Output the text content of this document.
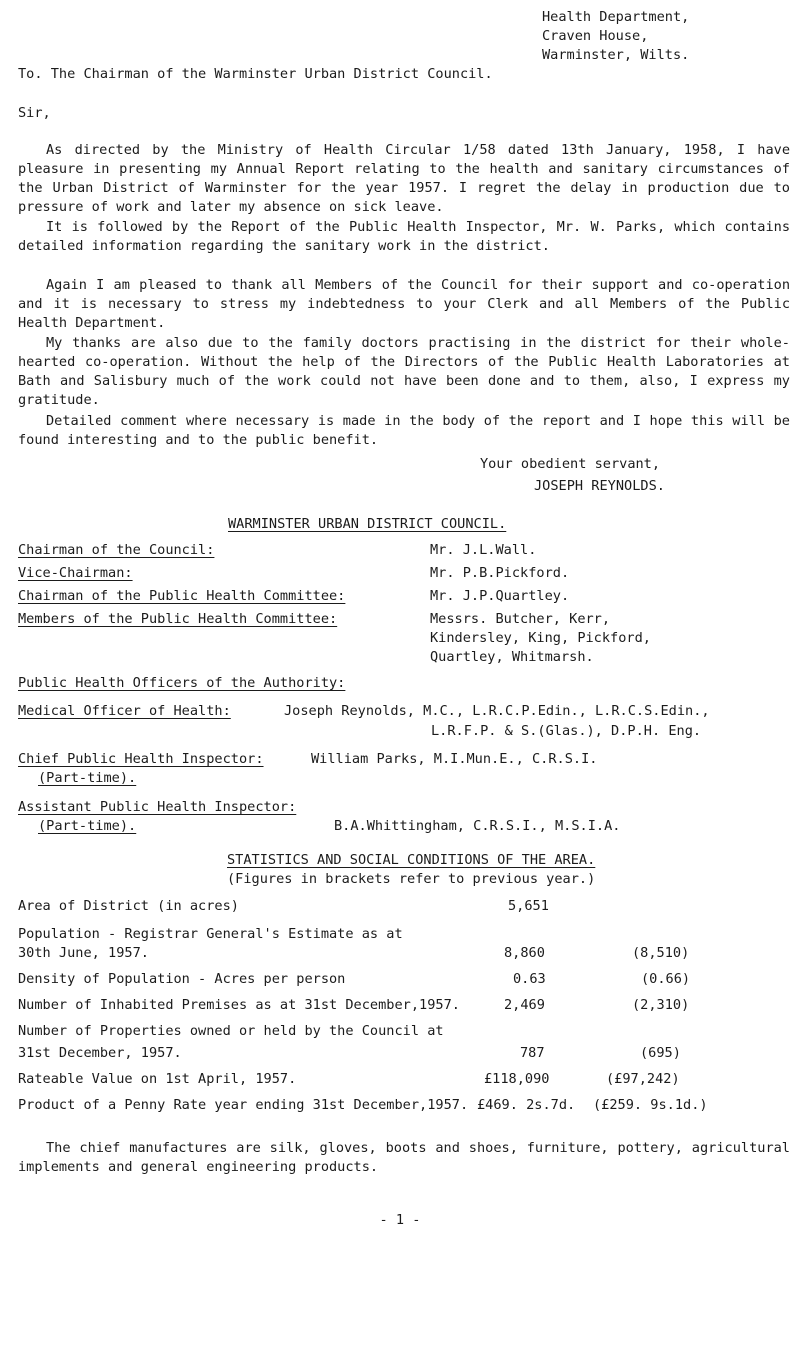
Health Department,
Craven House,
Warminster, Wilts.
To. The Chairman of the Warminster Urban District Council.
Sir,
As directed by the Ministry of Health Circular 1/58 dated 13th January, 1958, I have pleasure in presenting my Annual Report relating to the health and sanitary circumstances of the Urban District of Warminster for the year 1957. I regret the delay in production due to pressure of work and later my absence on sick leave.
It is followed by the Report of the Public Health Inspector, Mr. W. Parks, which contains detailed information regarding the sanitary work in the district.
Again I am pleased to thank all Members of the Council for their support and co-operation and it is necessary to stress my indebtedness to your Clerk and all Members of the Public Health Department.
My thanks are also due to the family doctors practising in the district for their whole-hearted co-operation. Without the help of the Directors of the Public Health Laboratories at Bath and Salisbury much of the work could not have been done and to them, also, I express my gratitude.
Detailed comment where necessary is made in the body of the report and I hope this will be found interesting and to the public benefit.
Your obedient servant,
JOSEPH REYNOLDS.
WARMINSTER URBAN DISTRICT COUNCIL.
Chairman of the Council:	Mr. J.L.Wall.
Vice-Chairman:	Mr. P.B.Pickford.
Chairman of the Public Health Committee:	Mr. J.P.Quartley.
Members of the Public Health Committee:	Messrs. Butcher, Kerr,
Kindersley, King, Pickford,
Quartley, Whitmarsh.
Public Health Officers of the Authority:
Medical Officer of Health:	Joseph Reynolds, M.C., L.R.C.P.Edin., L.R.C.S.Edin.,
L.R.F.P. & S.(Glas.), D.P.H. Eng.
Chief Public Health Inspector:	William Parks, M.I.Mun.E., C.R.S.I.
(Part-time).
Assistant Public Health Inspector:
(Part-time).	B.A.Whittingham, C.R.S.I., M.S.I.A.
STATISTICS AND SOCIAL CONDITIONS OF THE AREA.
(Figures in brackets refer to previous year.)
Area of District (in acres)	5,651
Population - Registrar General's Estimate as at
30th June, 1957.	8,860	(8,510)
Density of Population - Acres per person	0.63	(0.66)
Number of Inhabited Premises as at 31st December,1957.	2,469	(2,310)
Number of Properties owned or held by the Council at
31st December, 1957.	787	(695)
Rateable Value on 1st April, 1957.	£118,090	(£97,242)
Product of a Penny Rate year ending 31st December,1957. £469. 2s.7d. (£259. 9s.1d.)
The chief manufactures are silk, gloves, boots and shoes, furniture, pottery, agricultural implements and general engineering products.
- 1 -
